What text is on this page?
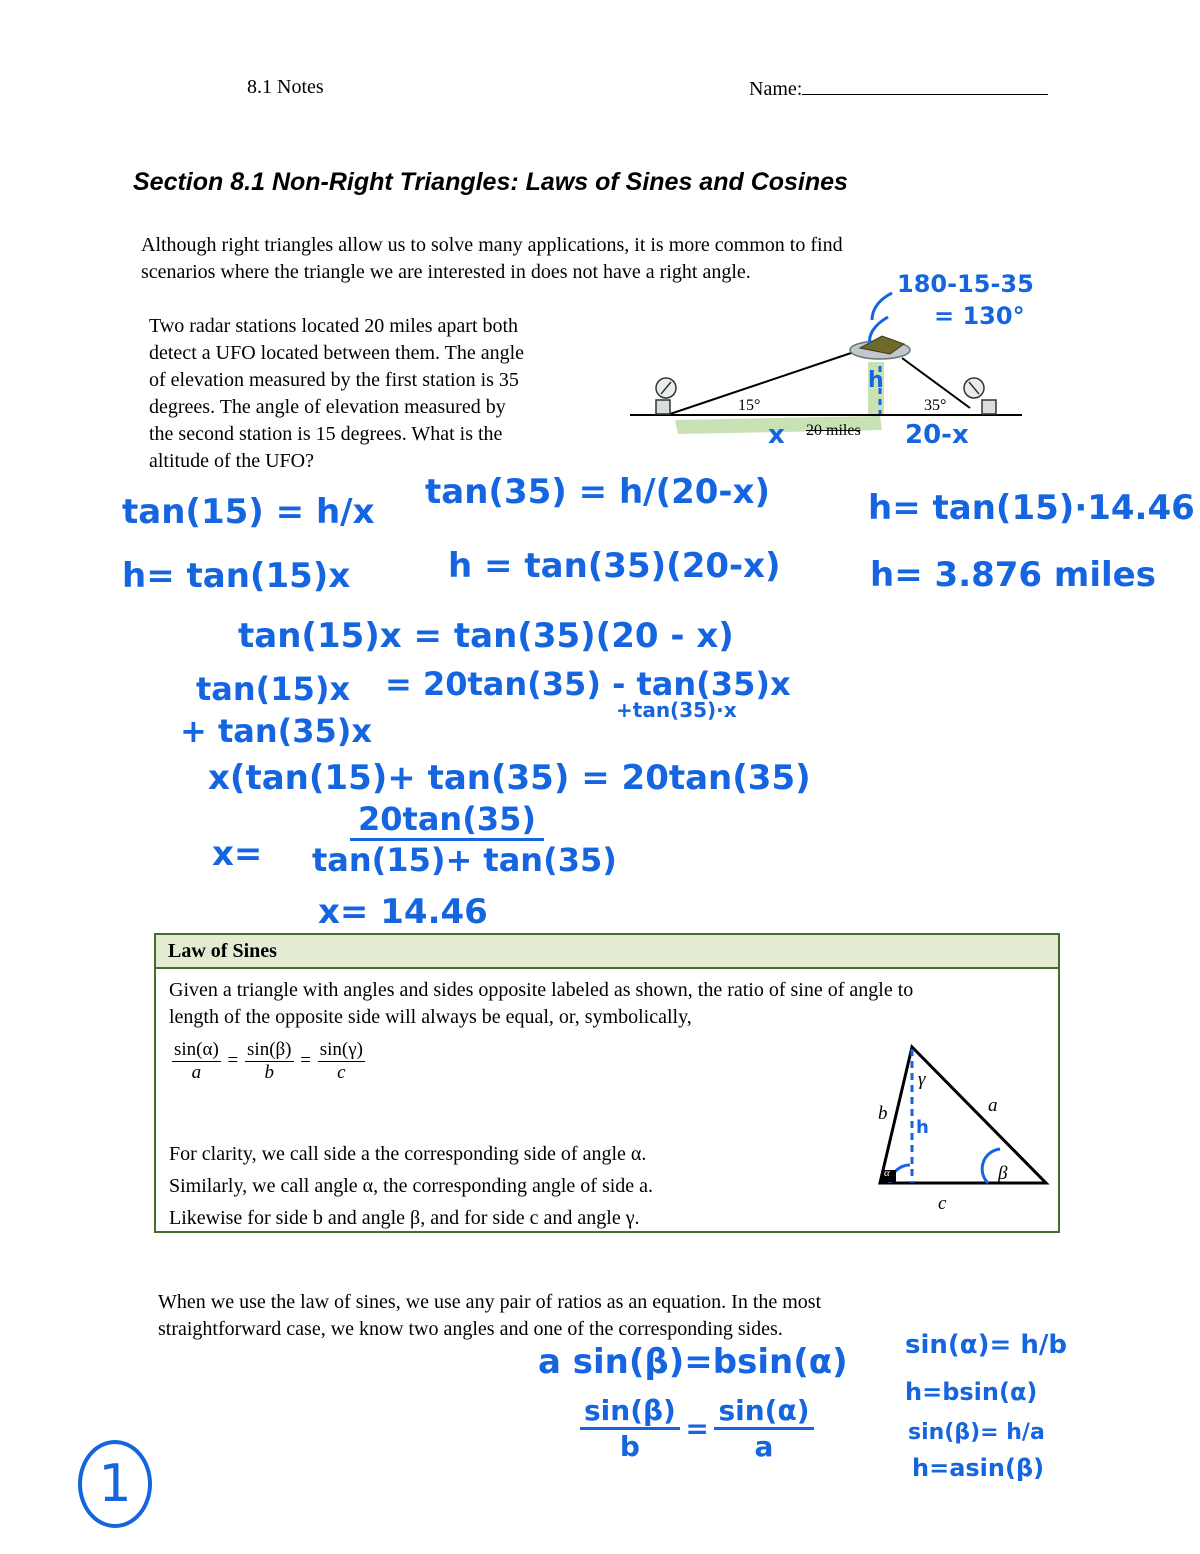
8.1 Notes	Name:
Section 8.1 Non-Right Triangles: Laws of Sines and Cosines
Although right triangles allow us to solve many applications, it is more common to find
scenarios where the triangle we are interested in does not have a right angle.
Two radar stations located 20 miles apart both
detect a UFO located between them. The angle
of elevation measured by the first station is 35
degrees. The angle of elevation measured by
the second station is 15 degrees. What is the
altitude of the UFO?
15°	35°
20 miles
x	20-x
h
180-15-35
= 130°
tan(15) = h/x tan(35) = h/(20-x)	h= tan(15)·14.46
h= tan(15)x	h = tan(35)(20-x)	h= 3.876 miles
tan(15)x = tan(35)(20 - x)
tan(15)x = 20tan(35) - tan(35)x
+tan(35)·x
+ tan(35)x
x(tan(15)+ tan(35) = 20tan(35)
$x= \frac{20\tan(35)}{\tan(15)+ \tan(35)}$
x= 14.46
Law of Sines
Given a triangle with angles and sides opposite labeled as shown, the ratio of sine of angle to
length of the opposite side will always be equal, or, symbolically,
$\frac{\sin(\alpha)}{a} = \frac{\sin(\beta)}{b} = \frac{\sin(\gamma)}{c}$
For clarity, we call side a the corresponding side of angle α.
Similarly, we call angle α, the corresponding angle of side a.
Likewise for side b and angle β, and for side c and angle γ.
γ
a
b
c
β
α
h
When we use the law of sines, we use any pair of ratios as an equation. In the most
straightforward case, we know two angles and one of the corresponding sides.
a sin(β)=bsin(α)
$\frac{\sin(\beta)}{b} = \frac{\sin(\alpha)}{a}$
sin(α)= h/b
h=bsin(α)
sin(β)= h/a
h=asin(β)
1
